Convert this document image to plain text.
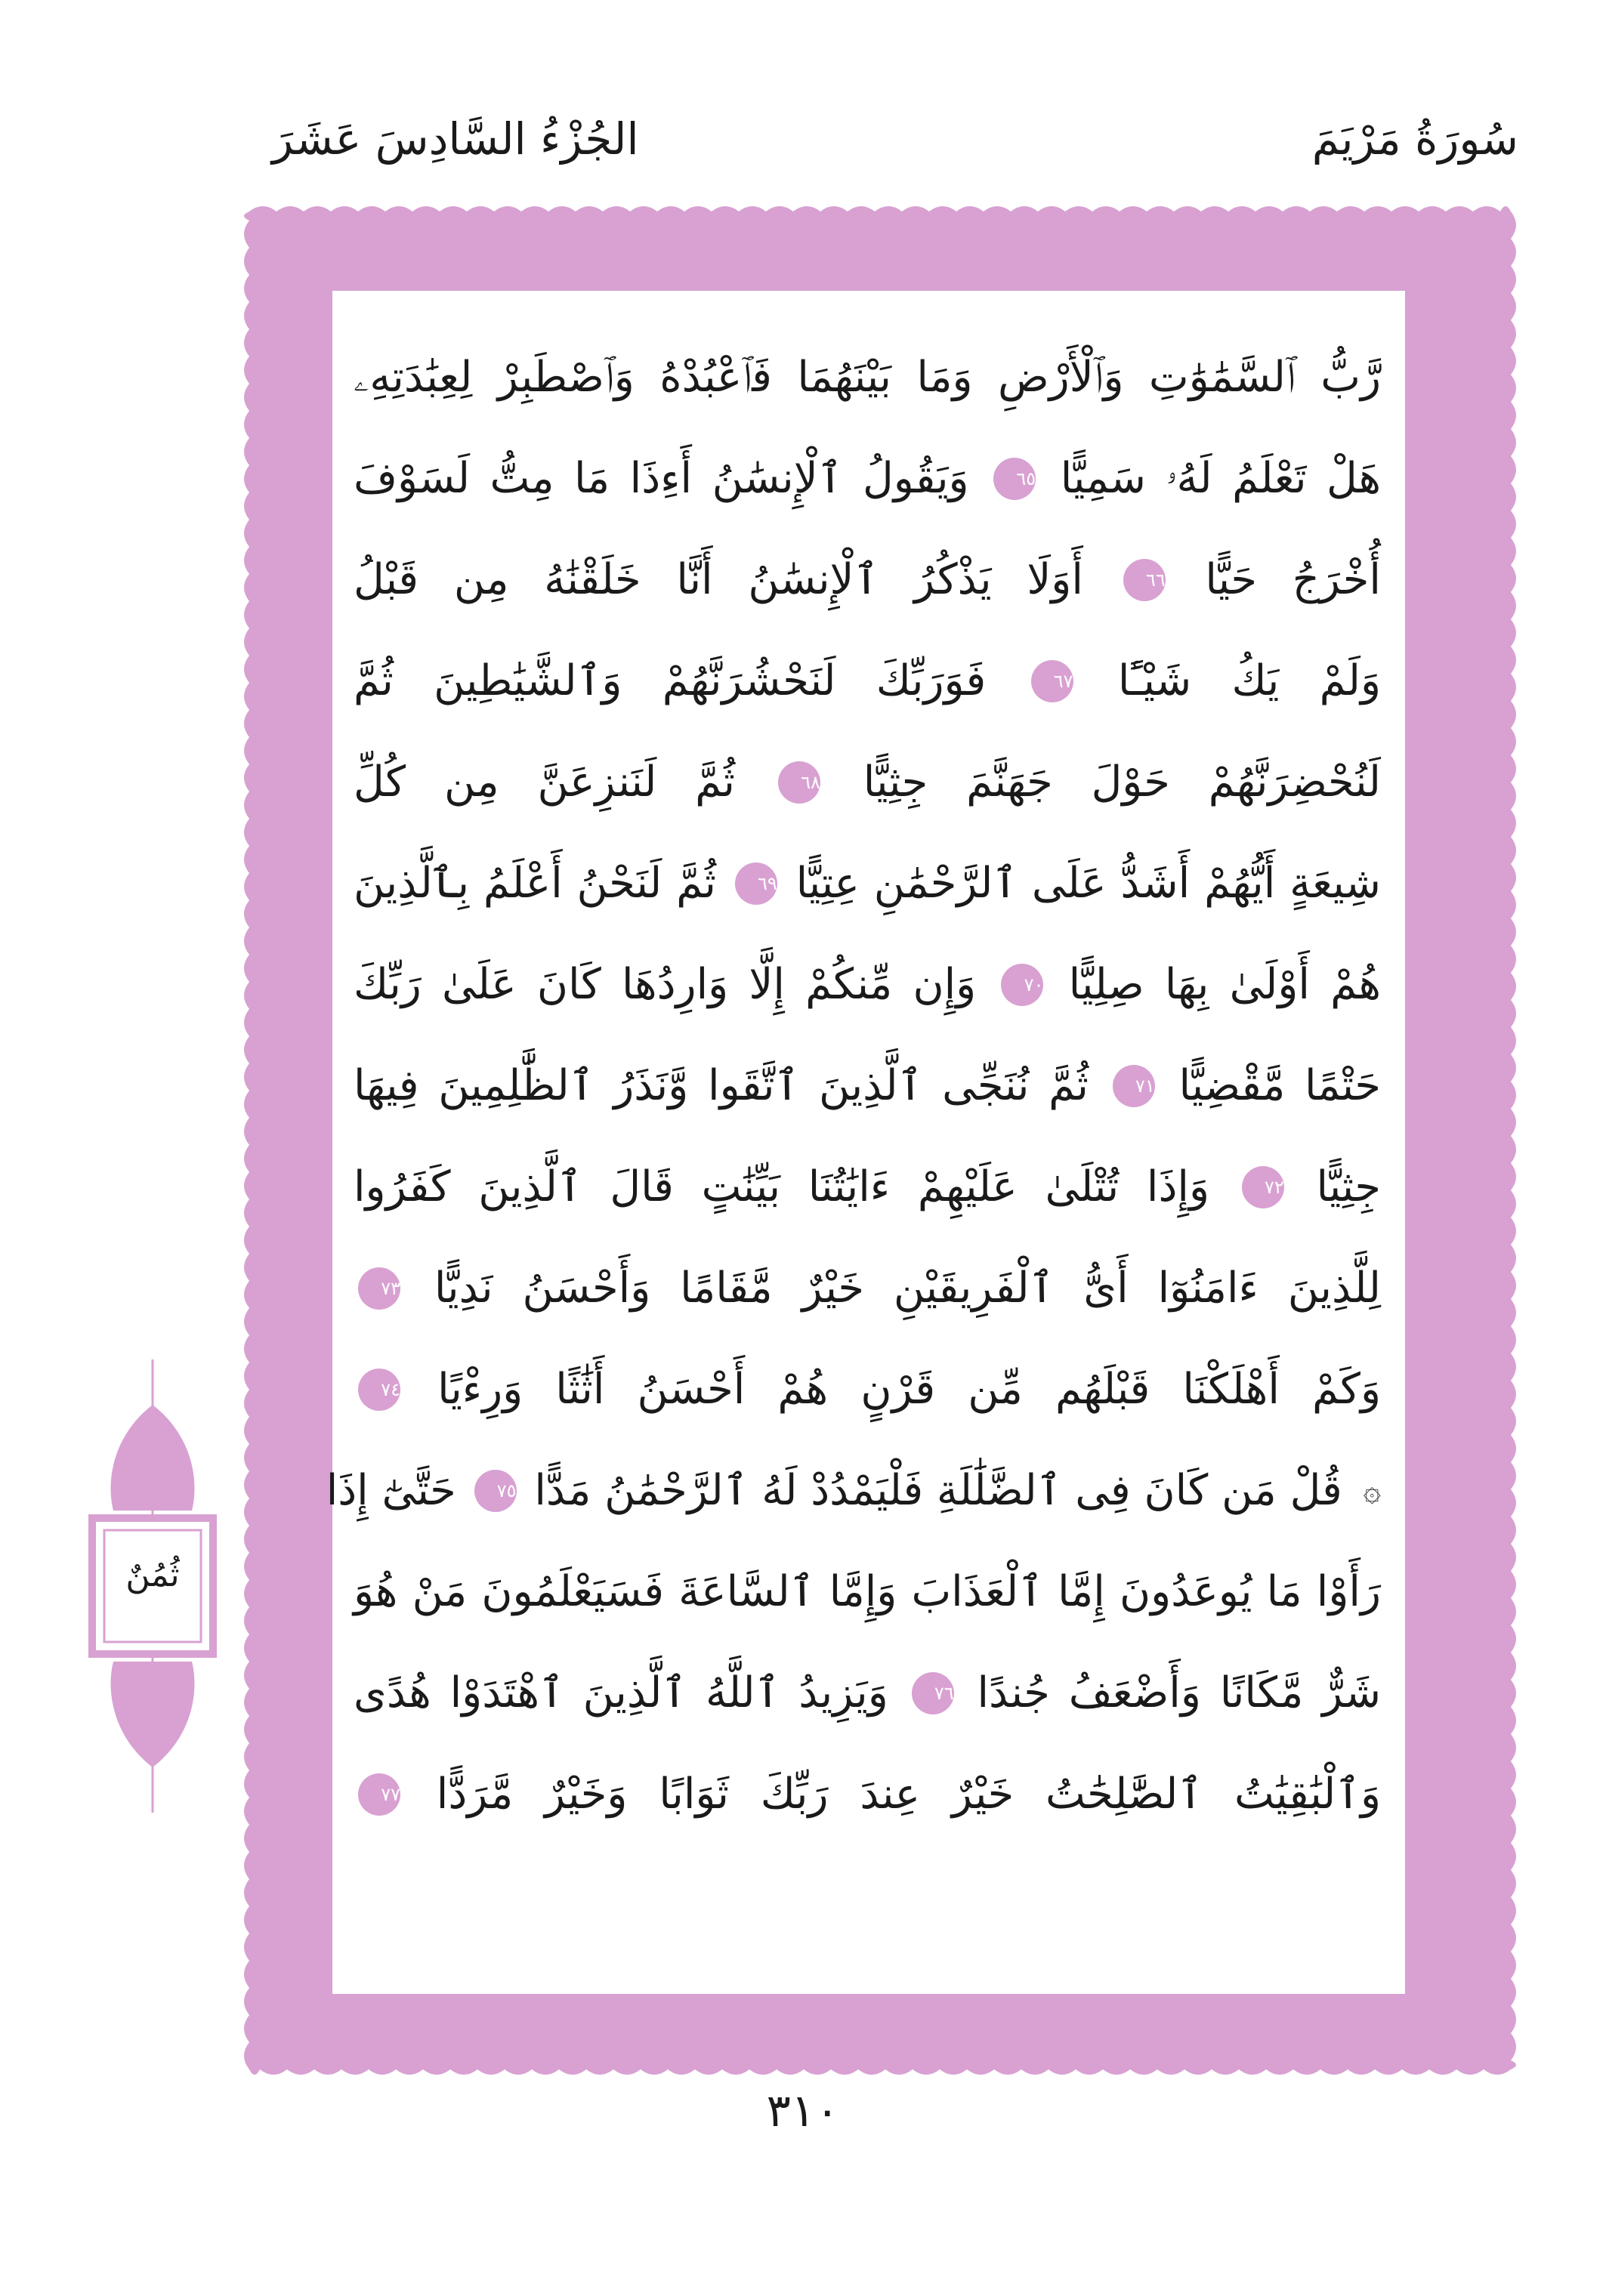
سُورَةُ مَرْيَمَ
الجُزْءُ السَّادِسَ عَشَرَ
رَّبُّ ٱلسَّمَٰوَٰتِ وَٱلْأَرْضِ وَمَا بَيْنَهُمَا فَٱعْبُدْهُ وَٱصْطَبِرْ لِعِبَٰدَتِهِۦ
هَلْ تَعْلَمُ لَهُۥ سَمِيًّا ٦٥ وَيَقُولُ ٱلْإِنسَٰنُ أَءِذَا مَا مِتُّ لَسَوْفَ
أُخْرَجُ حَيًّا ٦٦ أَوَلَا يَذْكُرُ ٱلْإِنسَٰنُ أَنَّا خَلَقْنَٰهُ مِن قَبْلُ
وَلَمْ يَكُ شَيْـًٔا ٦٧ فَوَرَبِّكَ لَنَحْشُرَنَّهُمْ وَٱلشَّيَٰطِينَ ثُمَّ
لَنُحْضِرَنَّهُمْ حَوْلَ جَهَنَّمَ جِثِيًّا ٦٨ ثُمَّ لَنَنزِعَنَّ مِن كُلِّ
شِيعَةٍ أَيُّهُمْ أَشَدُّ عَلَى ٱلرَّحْمَٰنِ عِتِيًّا ٦٩ ثُمَّ لَنَحْنُ أَعْلَمُ بِٱلَّذِينَ
هُمْ أَوْلَىٰ بِهَا صِلِيًّا ٧٠ وَإِن مِّنكُمْ إِلَّا وَارِدُهَا كَانَ عَلَىٰ رَبِّكَ
حَتْمًا مَّقْضِيًّا ٧١ ثُمَّ نُنَجِّى ٱلَّذِينَ ٱتَّقَوا وَّنَذَرُ ٱلظَّٰلِمِينَ فِيهَا
جِثِيًّا ٧٢ وَإِذَا تُتْلَىٰ عَلَيْهِمْ ءَايَٰتُنَا بَيِّنَٰتٍ قَالَ ٱلَّذِينَ كَفَرُوا
لِلَّذِينَ ءَامَنُوٓا أَىُّ ٱلْفَرِيقَيْنِ خَيْرٌ مَّقَامًا وَأَحْسَنُ نَدِيًّا ٧٣
وَكَمْ أَهْلَكْنَا قَبْلَهُم مِّن قَرْنٍ هُمْ أَحْسَنُ أَثَٰثًا وَرِءْيًا ٧٤
۞ قُلْ مَن كَانَ فِى ٱلضَّلَٰلَةِ فَلْيَمْدُدْ لَهُ ٱلرَّحْمَٰنُ مَدًّا ٧٥ حَتَّىٰٓ إِذَا
رَأَوْا مَا يُوعَدُونَ إِمَّا ٱلْعَذَابَ وَإِمَّا ٱلسَّاعَةَ فَسَيَعْلَمُونَ مَنْ هُوَ
شَرٌّ مَّكَانًا وَأَضْعَفُ جُندًا ٧٦ وَيَزِيدُ ٱللَّهُ ٱلَّذِينَ ٱهْتَدَوْا هُدًى
وَٱلْبَٰقِيَٰتُ ٱلصَّٰلِحَٰتُ خَيْرٌ عِندَ رَبِّكَ ثَوَابًا وَخَيْرٌ مَّرَدًّا ٧٧
ثُمُنٌ
٣١٠
